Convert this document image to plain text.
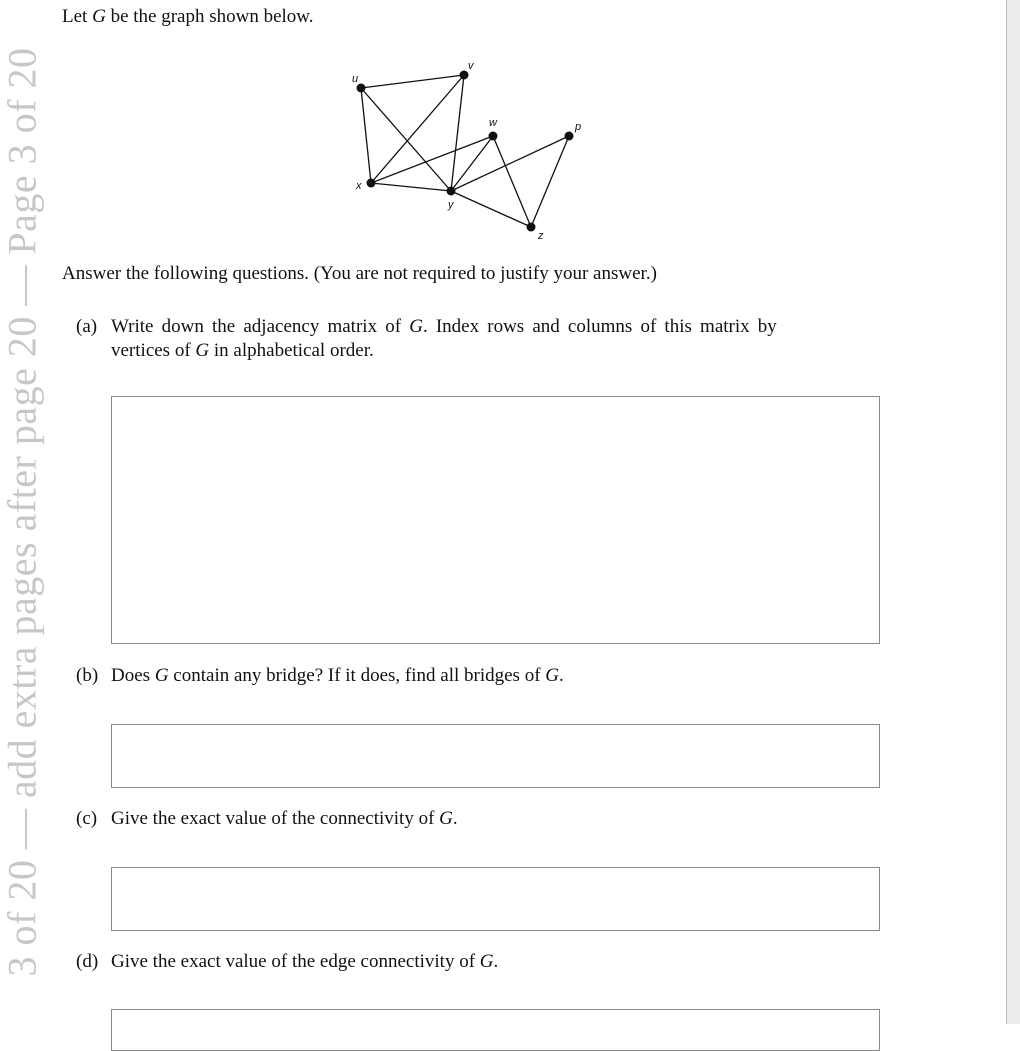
3 of 20 — add extra pages after page 20 — Page 3 of 20
Let G be the graph shown below.
u
v
w	p
x
y
z
Answer the following questions. (You are not required to justify your answer.)
(a) Write down the adjacency matrix of G. Index rows and columns of this matrix by
vertices of G in alphabetical order.
(b) Does G contain any bridge? If it does, find all bridges of G.
(c) Give the exact value of the connectivity of G.
(d) Give the exact value of the edge connectivity of G.
